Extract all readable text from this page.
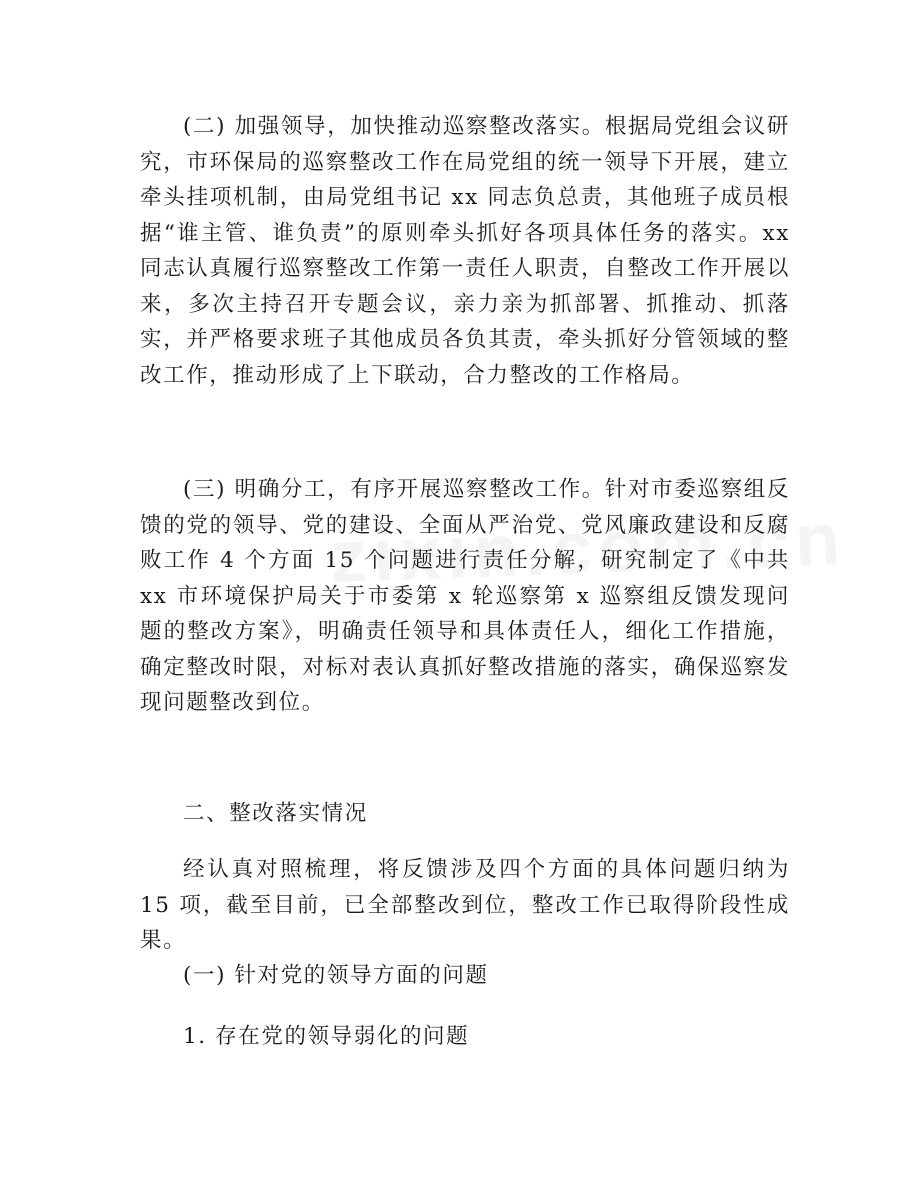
(二) 加强领导，加快推动巡察整改落实。根据局党组会议研究，市环保局的巡察整改工作在局党组的统一领导下开展，建立牵头挂项机制，由局党组书记 xx 同志负总责，其他班子成员根据“谁主管、谁负责”的原则牵头抓好各项具体任务的落实。xx 同志认真履行巡察整改工作第一责任人职责，自整改工作开展以来，多次主持召开专题会议，亲力亲为抓部署、抓推动、抓落实，并严格要求班子其他成员各负其责，牵头抓好分管领域的整改工作，推动形成了上下联动，合力整改的工作格局。

(三) 明确分工，有序开展巡察整改工作。针对市委巡察组反馈的党的领导、党的建设、全面从严治党、党风廉政建设和反腐败工作 4 个方面 15 个问题进行责任分解，研究制定了《中共 xx 市环境保护局关于市委第 x 轮巡察第 x 巡察组反馈发现问题的整改方案》，明确责任领导和具体责任人，细化工作措施，确定整改时限，对标对表认真抓好整改措施的落实，确保巡察发现问题整改到位。

二、整改落实情况

经认真对照梳理，将反馈涉及四个方面的具体问题归纳为 15 项，截至目前，已全部整改到位，整改工作已取得阶段性成果。

(一) 针对党的领导方面的问题

1. 存在党的领导弱化的问题
